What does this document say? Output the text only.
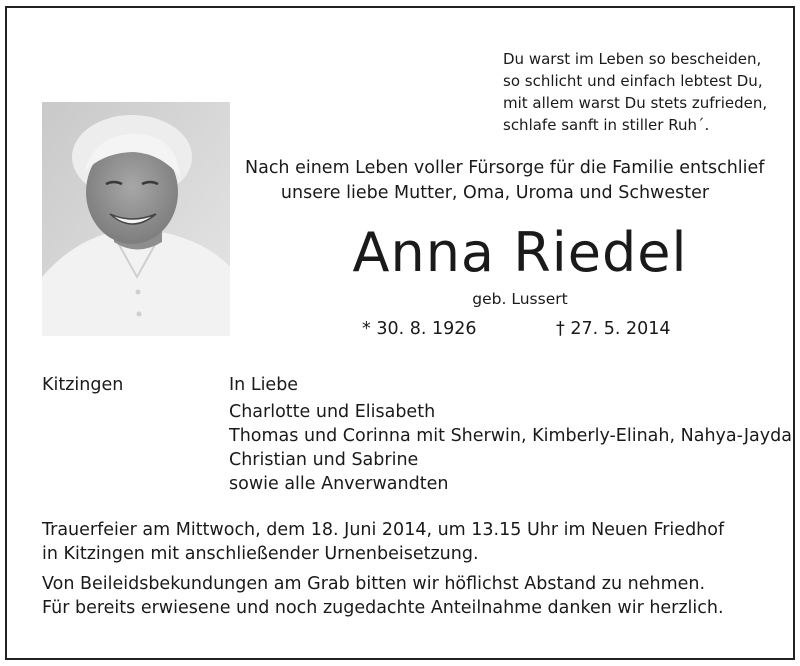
Du warst im Leben so bescheiden,
so schlicht und einfach lebtest Du,
mit allem warst Du stets zufrieden,
schlafe sanft in stiller Ruh´.
Nach einem Leben voller Fürsorge für die Familie entschlief
unsere liebe Mutter, Oma, Uroma und Schwester
Anna Riedel
geb. Lussert
* 30. 8. 1926	† 27. 5. 2014
Kitzingen	In Liebe
Charlotte und Elisabeth
Thomas und Corinna mit Sherwin, Kimberly-Elinah, Nahya-Jayda
Christian und Sabrine
sowie alle Anverwandten
Trauerfeier am Mittwoch, dem 18. Juni 2014, um 13.15 Uhr im Neuen Friedhof
in Kitzingen mit anschließender Urnenbeisetzung.
Von Beileidsbekundungen am Grab bitten wir höflichst Abstand zu nehmen.
Für bereits erwiesene und noch zugedachte Anteilnahme danken wir herzlich.
